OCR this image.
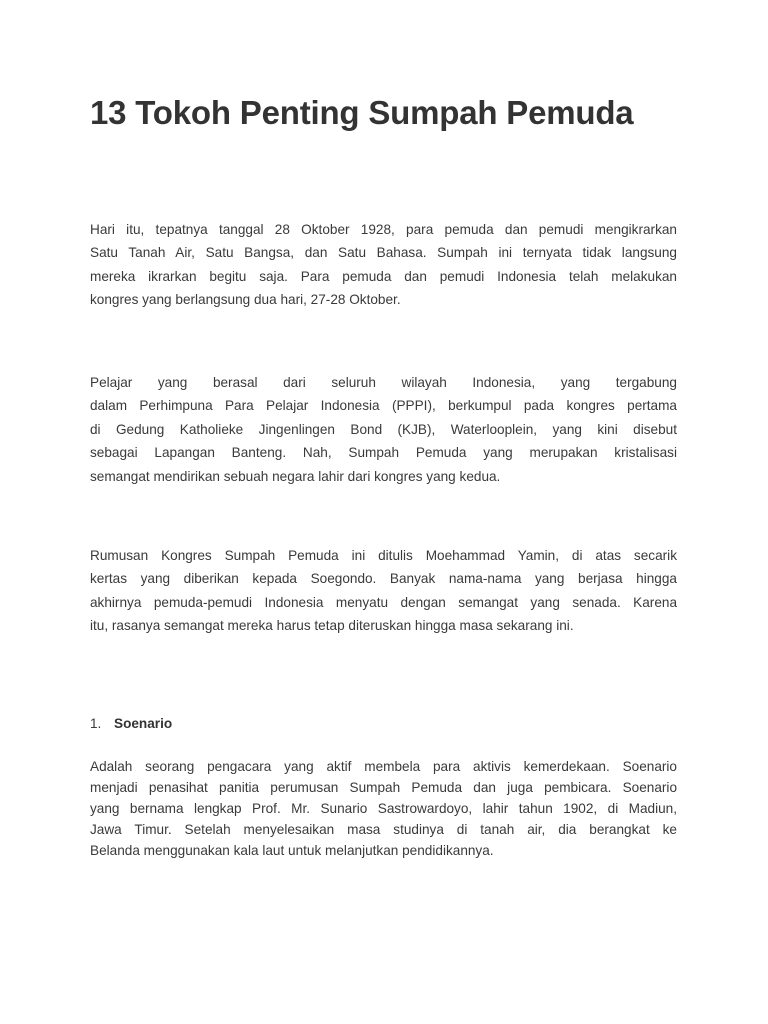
13 Tokoh Penting Sumpah Pemuda
Hari itu, tepatnya tanggal 28 Oktober 1928, para pemuda dan pemudi mengikrarkan
Satu Tanah Air, Satu Bangsa, dan Satu Bahasa. Sumpah ini ternyata tidak langsung
mereka ikrarkan begitu saja. Para pemuda dan pemudi Indonesia telah melakukan
kongres yang berlangsung dua hari, 27-28 Oktober.
Pelajar yang berasal dari seluruh wilayah Indonesia, yang tergabung
dalam Perhimpuna Para Pelajar Indonesia (PPPI), berkumpul pada kongres pertama
di Gedung Katholieke Jingenlingen Bond (KJB), Waterlooplein, yang kini disebut
sebagai Lapangan Banteng. Nah, Sumpah Pemuda yang merupakan kristalisasi
semangat mendirikan sebuah negara lahir dari kongres yang kedua.
Rumusan Kongres Sumpah Pemuda ini ditulis Moehammad Yamin, di atas secarik
kertas yang diberikan kepada Soegondo. Banyak nama-nama yang berjasa hingga
akhirnya pemuda-pemudi Indonesia menyatu dengan semangat yang senada. Karena
itu, rasanya semangat mereka harus tetap diteruskan hingga masa sekarang ini.
1. Soenario
Adalah seorang pengacara yang aktif membela para aktivis kemerdekaan. Soenario
menjadi penasihat panitia perumusan Sumpah Pemuda dan juga pembicara. Soenario
yang bernama lengkap Prof. Mr. Sunario Sastrowardoyo, lahir tahun 1902, di Madiun,
Jawa Timur. Setelah menyelesaikan masa studinya di tanah air, dia berangkat ke
Belanda menggunakan kala laut untuk melanjutkan pendidikannya.
